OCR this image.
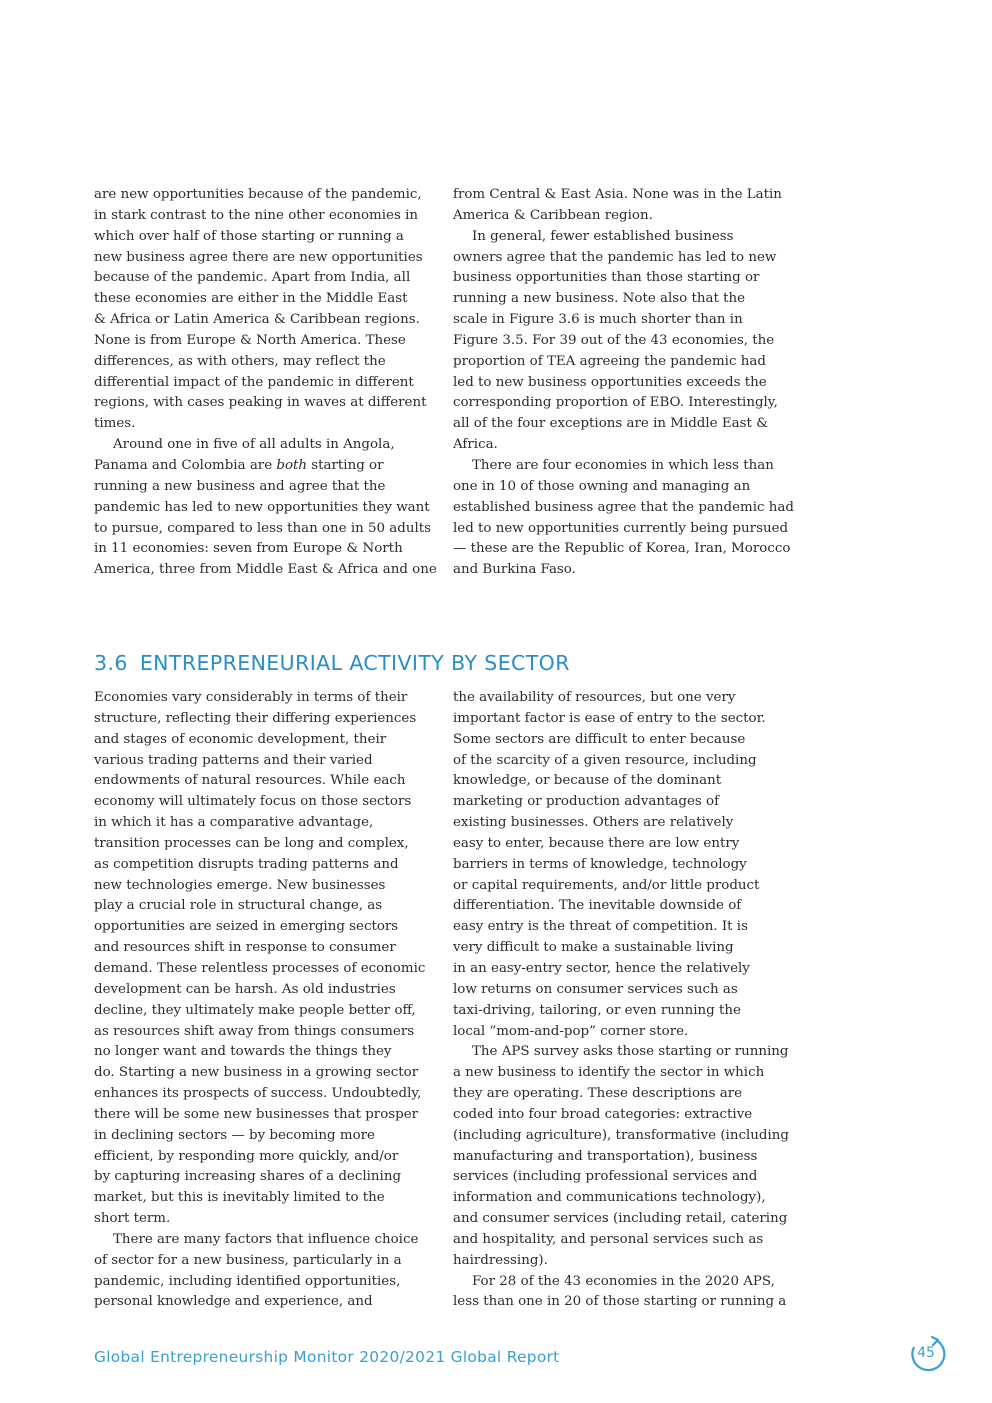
are new opportunities because of the pandemic,
in stark contrast to the nine other economies in
which over half of those starting or running a
new business agree there are new opportunities
because of the pandemic. Apart from India, all
these economies are either in the Middle East
& Africa or Latin America & Caribbean regions.
None is from Europe & North America. These
differences, as with others, may reflect the
differential impact of the pandemic in different
regions, with cases peaking in waves at different
times.
Around one in five of all adults in Angola,
Panama and Colombia are both starting or
running a new business and agree that the
pandemic has led to new opportunities they want
to pursue, compared to less than one in 50 adults
in 11 economies: seven from Europe & North
America, three from Middle East & Africa and one
from Central & East Asia. None was in the Latin
America & Caribbean region.
In general, fewer established business
owners agree that the pandemic has led to new
business opportunities than those starting or
running a new business. Note also that the
scale in Figure 3.6 is much shorter than in
Figure 3.5. For 39 out of the 43 economies, the
proportion of TEA agreeing the pandemic had
led to new business opportunities exceeds the
corresponding proportion of EBO. Interestingly,
all of the four exceptions are in Middle East &
Africa.
There are four economies in which less than
one in 10 of those owning and managing an
established business agree that the pandemic had
led to new opportunities currently being pursued
— these are the Republic of Korea, Iran, Morocco
and Burkina Faso.
3.6 ENTREPRENEURIAL ACTIVITY BY SECTOR
Economies vary considerably in terms of their
structure, reflecting their differing experiences
and stages of economic development, their
various trading patterns and their varied
endowments of natural resources. While each
economy will ultimately focus on those sectors
in which it has a comparative advantage,
transition processes can be long and complex,
as competition disrupts trading patterns and
new technologies emerge. New businesses
play a crucial role in structural change, as
opportunities are seized in emerging sectors
and resources shift in response to consumer
demand. These relentless processes of economic
development can be harsh. As old industries
decline, they ultimately make people better off,
as resources shift away from things consumers
no longer want and towards the things they
do. Starting a new business in a growing sector
enhances its prospects of success. Undoubtedly,
there will be some new businesses that prosper
in declining sectors — by becoming more
efficient, by responding more quickly, and/or
by capturing increasing shares of a declining
market, but this is inevitably limited to the
short term.
There are many factors that influence choice
of sector for a new business, particularly in a
pandemic, including identified opportunities,
personal knowledge and experience, and
the availability of resources, but one very
important factor is ease of entry to the sector.
Some sectors are difficult to enter because
of the scarcity of a given resource, including
knowledge, or because of the dominant
marketing or production advantages of
existing businesses. Others are relatively
easy to enter, because there are low entry
barriers in terms of knowledge, technology
or capital requirements, and/or little product
differentiation. The inevitable downside of
easy entry is the threat of competition. It is
very difficult to make a sustainable living
in an easy-entry sector, hence the relatively
low returns on consumer services such as
taxi-driving, tailoring, or even running the
local “mom-and-pop” corner store.
The APS survey asks those starting or running
a new business to identify the sector in which
they are operating. These descriptions are
coded into four broad categories: extractive
(including agriculture), transformative (including
manufacturing and transportation), business
services (including professional services and
information and communications technology),
and consumer services (including retail, catering
and hospitality, and personal services such as
hairdressing).
For 28 of the 43 economies in the 2020 APS,
less than one in 20 of those starting or running a
Global Entrepreneurship Monitor 2020/2021 Global Report	45
